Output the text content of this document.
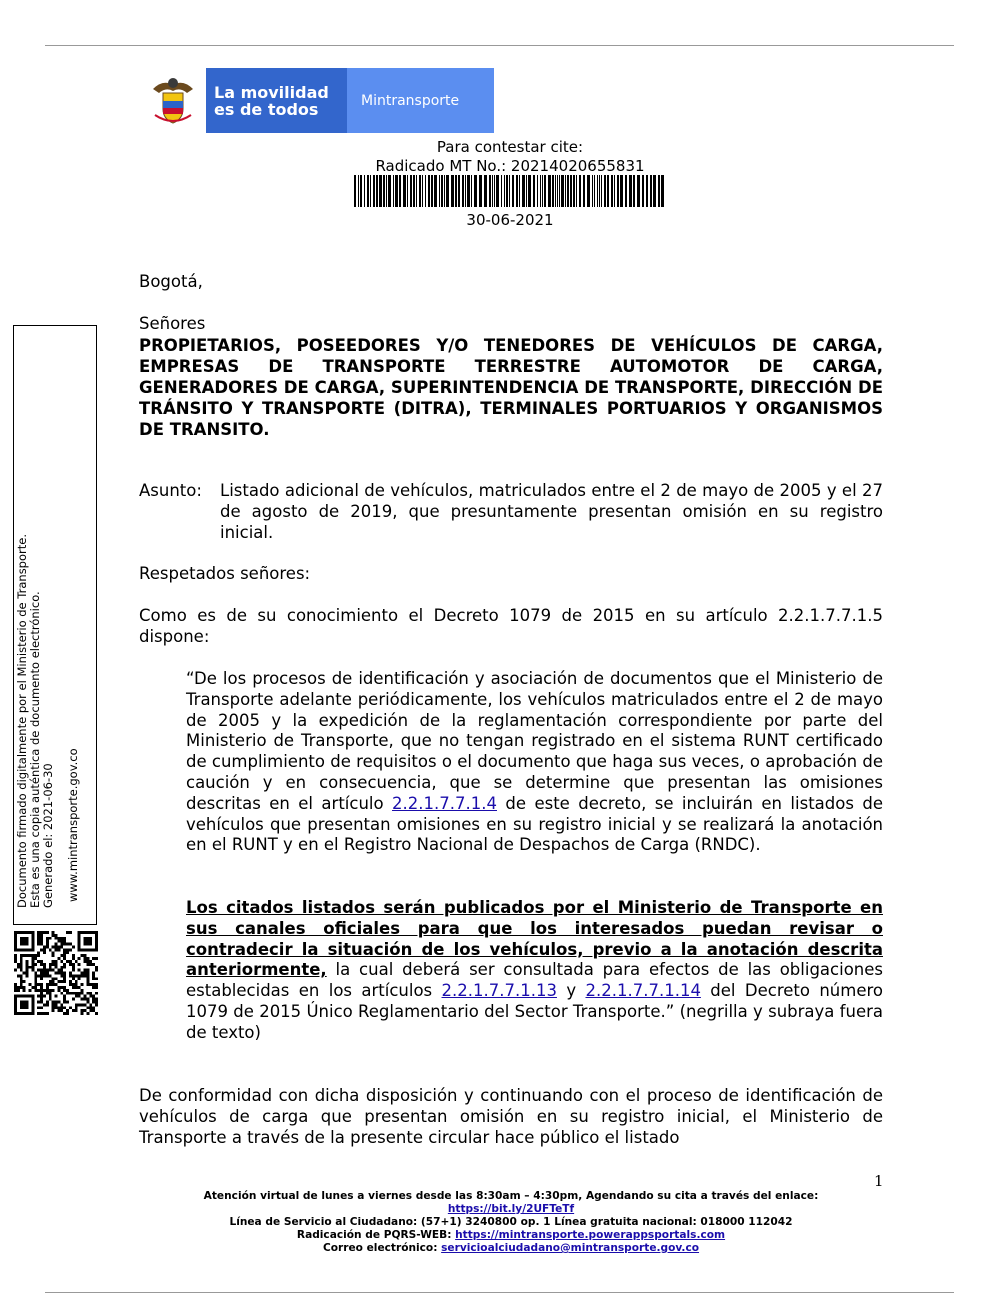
La movilidad
es de todos	Mintransporte
Para contestar cite:
Radicado MT No.: 20214020655831
30-06-2021
Documento firmado digitalmente por el Ministerio de Transporte. Esta es una copia auténtica de documento electrónico. Generado el: 2021-06-30 www.mintransporte.gov.co
Bogotá,
Señores
PROPIETARIOS, POSEEDORES Y/O TENEDORES DE VEHÍCULOS DE CARGA, EMPRESAS DE TRANSPORTE TERRESTRE AUTOMOTOR DE CARGA, GENERADORES DE CARGA, SUPERINTENDENCIA DE TRANSPORTE, DIRECCIÓN DE TRÁNSITO Y TRANSPORTE (DITRA), TERMINALES PORTUARIOS Y ORGANISMOS DE TRANSITO.
Asunto: Listado adicional de vehículos, matriculados entre el 2 de mayo de 2005 y el 27 de agosto de 2019, que presuntamente presentan omisión en su registro inicial.
Respetados señores:
Como es de su conocimiento el Decreto 1079 de 2015 en su artículo 2.2.1.7.7.1.5 dispone:
“De los procesos de identificación y asociación de documentos que el Ministerio de Transporte adelante periódicamente, los vehículos matriculados entre el 2 de mayo de 2005 y la expedición de la reglamentación correspondiente por parte del Ministerio de Transporte, que no tengan registrado en el sistema RUNT certificado de cumplimiento de requisitos o el documento que haga sus veces, o aprobación de caución y en consecuencia, que se determine que presentan las omisiones descritas en el artículo 2.2.1.7.7.1.4 de este decreto, se incluirán en listados de vehículos que presentan omisiones en su registro inicial y se realizará la anotación en el RUNT y en el Registro Nacional de Despachos de Carga (RNDC).
Los citados listados serán publicados por el Ministerio de Transporte en sus canales oficiales para que los interesados puedan revisar o contradecir la situación de los vehículos, previo a la anotación descrita anteriormente, la cual deberá ser consultada para efectos de las obligaciones establecidas en los artículos 2.2.1.7.7.1.13 y 2.2.1.7.7.1.14 del Decreto número 1079 de 2015 Único Reglamentario del Sector Transporte.” (negrilla y subraya fuera de texto)
De conformidad con dicha disposición y continuando con el proceso de identificación de vehículos de carga que presentan omisión en su registro inicial, el Ministerio de Transporte a través de la presente circular hace público el listado
1
Atención virtual de lunes a viernes desde las 8:30am – 4:30pm, Agendando su cita a través del enlace:
https://bit.ly/2UFTeTf
Línea de Servicio al Ciudadano: (57+1) 3240800 op. 1 Línea gratuita nacional: 018000 112042
Radicación de PQRS-WEB: https://mintransporte.powerappsportals.com
Correo electrónico: servicioalciudadano@mintransporte.gov.co
